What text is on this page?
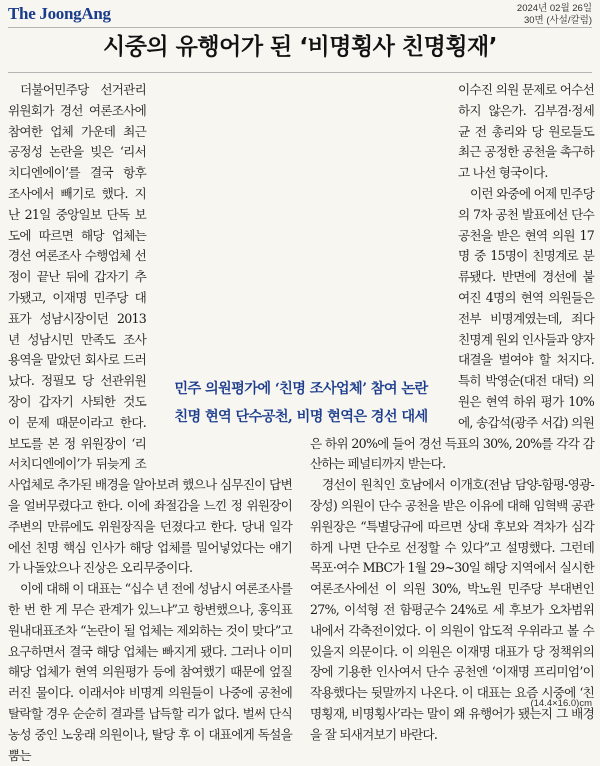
The JoongAng	2024년 02월 26일
30면 (사설/칼럼)
시중의 유행어가 된 ‘비명횡사 친명횡재’

더불어민주당 선거관리위원회가 경선 여론조사에 참여한 업체 가운데 최근 공정성 논란을 빚은 ‘리서치디엔에이’를 결국 항후 조사에서 빼기로 했다. 지난 21일 중앙일보 단독 보도에 따르면 해당 업체는 경선 여론조사 수행업체 선정이 끝난 뒤에 갑자기 추가됐고, 이재명 민주당 대표가 성남시장이던 2013년 성남시민 만족도 조사 용역을 맡았던 회사로 드러났다. 정필모 당 선관위원장이 갑자기 사퇴한 것도 이 문제 때문이라고 한다. 보도를 본 정 위원장이 ‘리서치디엔에이’가 뒤늦게 조사업체로 추가된 배경을 알아보려 했으나 심무진이 답변을 얼버무렸다고 한다. 이에 좌절감을 느낀 정 위원장이 주변의 만류에도 위원장직을 던졌다고 한다. 당내 일각에선 친명 핵심 인사가 해당 업체를 밀어넣었다는 얘기가 나돌았으나 진상은 오리무중이다.

이에 대해 이 대표는 “십수 년 전에 성남시 여론조사를 한 번 한 게 무슨 관계가 있느냐”고 항변했으나, 홍익표 원내대표조차 “논란이 될 업체는 제외하는 것이 맞다”고 요구하면서 결국 해당 업체는 빠지게 됐다. 그러나 이미 해당 업체가 현역 의원평가 등에 참여했기 때문에 엎질러진 물이다. 이래서야 비명계 의원들이 나중에 공천에 탈락할 경우 순순히 결과를 납득할 리가 없다. 벌써 단식 농성 중인 노웅래 의원이나, 탈당 후 이 대표에게 독설을 뿜는

이수진 의원 문제로 어수선하지 않은가. 김부겸·정세균 전 총리와 당 원로들도 최근 공정한 공천을 촉구하고 나선 형국이다.

이런 와중에 어제 민주당의 7차 공천 발표에선 단수 공천을 받은 현역 의원 17명 중 15명이 친명계로 분류됐다. 반면에 경선에 붙여진 4명의 현역 의원들은 전부 비명계였는데, 죄다 친명계 원외 인사들과 양자대결을 벌여야 할 처지다. 특히 박영순(대전 대덕) 의원은 현역 하위 평가 10%에, 송갑석(광주 서갑) 의원은 하위 20%에 들어 경선 득표의 30%, 20%를 각각 감산하는 페널티까지 받는다.

경선이 원칙인 호남에서 이개호(전남 담양-함평-영광-장성) 의원이 단수 공천을 받은 이유에 대해 임혁백 공관위원장은 “특별당규에 따르면 상대 후보와 격차가 심각하게 나면 단수로 선정할 수 있다”고 설명했다. 그런데 목포·여수 MBC가 1월 29~30일 해당 지역에서 실시한 여론조사에선 이 의원 30%, 박노원 민주당 부대변인 27%, 이석형 전 함평군수 24%로 세 후보가 오차범위 내에서 각축전이었다. 이 의원이 압도적 우위라고 볼 수 있을지 의문이다. 이 의원은 이재명 대표가 당 정책위의장에 기용한 인사여서 단수 공천엔 ‘이재명 프리미엄’이 작용했다는 뒷말까지 나온다. 이 대표는 요즘 시중에 ‘친명횡재, 비명횡사’라는 말이 왜 유행어가 됐는지 그 배경을 잘 되새겨보기 바란다.

민주 의원평가에 ‘친명 조사업체’ 참여 논란
친명 현역 단수공천, 비명 현역은 경선 대세
(14.4×16.0)cm
